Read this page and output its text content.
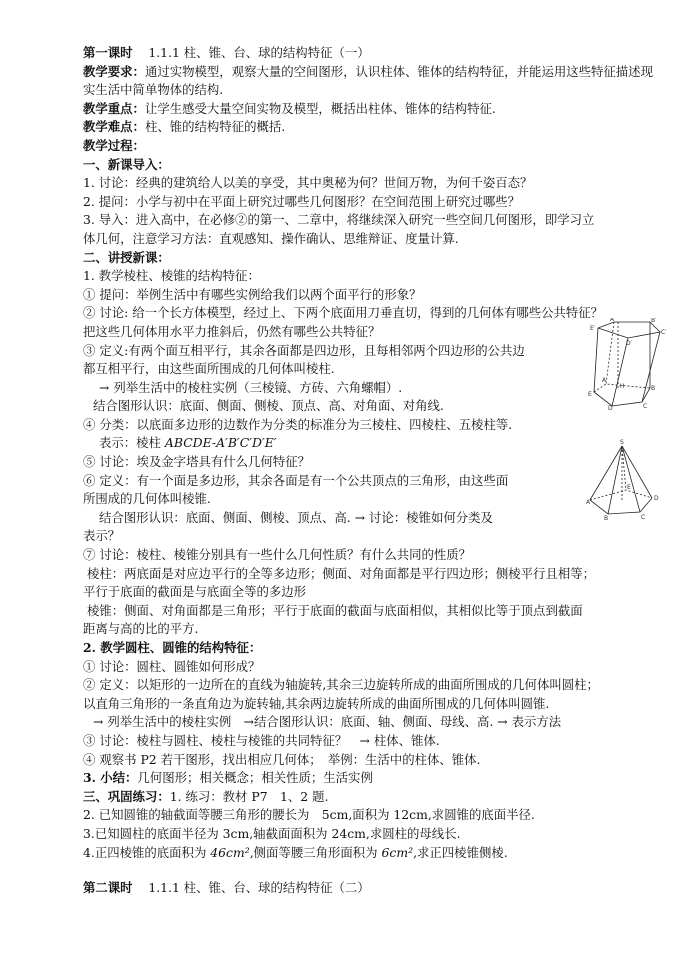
第一课时 1.1.1 柱、锥、台、球的结构特征（一）
教学要求：通过实物模型，观察大量的空间图形，认识柱体、锥体的结构特征，并能运用这些特征描述现实生活中简单物体的结构.
教学重点：让学生感受大量空间实物及模型，概括出柱体、锥体的结构特征.
教学难点：柱、锥的结构特征的概括.
教学过程：
一、新课导入：
1. 讨论：经典的建筑给人以美的享受，其中奥秘为何？世间万物，为何千姿百态？
2. 提问：小学与初中在平面上研究过哪些几何图形？在空间范围上研究过哪些？
3. 导入：进入高中，在必修②的第一、二章中，将继续深入研究一些空间几何图形，即学习立
体几何，注意学习方法：直观感知、操作确认、思维辩证、度量计算.
二、讲授新课：
1. 教学棱柱、棱锥的结构特征：
① 提问：举例生活中有哪些实例给我们以两个面平行的形象？
② 讨论: 给一个长方体模型，经过上、下两个底面用刀垂直切，得到的几何体有哪些公共特征？
把这些几何体用水平力推斜后，仍然有哪些公共特征？
③ 定义:有两个面互相平行，其余各面都是四边形，且每相邻两个四边形的公共边
都互相平行，由这些面所围成的几何体叫棱柱.
→ 列举生活中的棱柱实例（三棱镜、方砖、六角螺帽）.
结合图形认识：底面、侧面、侧棱、顶点、高、对角面、对角线.
④ 分类：以底面多边形的边数作为分类的标准分为三棱柱、四棱柱、五棱柱等.
表示：棱柱 ABCDE-A′B′C′D′E′
⑤ 讨论：埃及金字塔具有什么几何特征？
⑥ 定义：有一个面是多边形，其余各面是有一个公共顶点的三角形，由这些面
所围成的几何体叫棱锥.
结合图形认识：底面、侧面、侧棱、顶点、高. → 讨论：棱锥如何分类及
表示？
⑦ 讨论：棱柱、棱锥分别具有一些什么几何性质？有什么共同的性质？
棱柱：两底面是对应边平行的全等多边形；侧面、对角面都是平行四边形；侧棱平行且相等；
平行于底面的截面是与底面全等的多边形
棱锥：侧面、对角面都是三角形；平行于底面的截面与底面相似，其相似比等于顶点到截面
距离与高的比的平方.
2. 教学圆柱、圆锥的结构特征：
① 讨论：圆柱、圆锥如何形成？
② 定义：以矩形的一边所在的直线为轴旋转,其余三边旋转所成的曲面所围成的几何体叫圆柱；
以直角三角形的一条直角边为旋转轴,其余两边旋转所成的曲面所围成的几何体叫圆锥.
→ 列举生活中的棱柱实例　→结合图形认识：底面、轴、侧面、母线、高. → 表示方法
③ 讨论：棱柱与圆柱、棱柱与棱锥的共同特征？　→ 柱体、锥体.
④ 观察书 P2 若干图形，找出相应几何体；　举例：生活中的柱体、锥体.
3. 小结：几何图形；相关概念；相关性质；生活实例
三、巩固练习：1. 练习：教材 P7　1、2 题.
2. 已知圆锥的轴截面等腰三角形的腰长为　5cm,面积为 12cm,求圆锥的底面半径.
3.已知圆柱的底面半径为 3cm,轴截面面积为 24cm,求圆柱的母线长.
4.正四棱锥的底面积为 46cm²,侧面等腰三角形面积为 6cm²,求正四棱锥侧棱.
第二课时 1.1.1 柱、锥、台、球的结构特征（二）
E′
A′	B′
C′
D′
E
A
B
C
D
H
S
A
B	C
D
E
